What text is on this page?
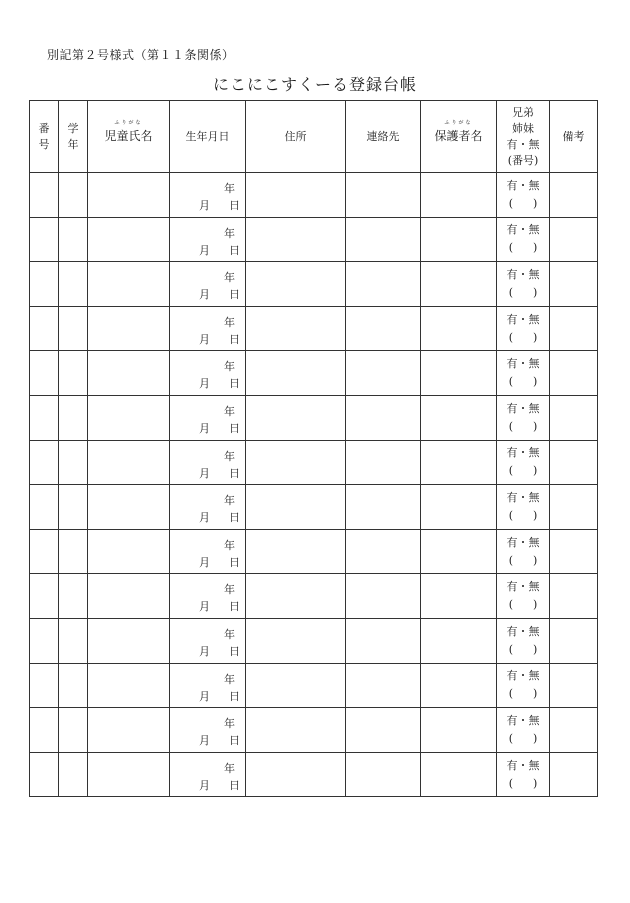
別記第２号様式（第１１条関係）
にこにこすくーる登録台帳
番
号	学
年	ふりがな
児童氏名	生年月日	住所	連絡先	ふりがな
保護者名	兄弟
姉妹
有・無
(番号)	備考

			年
月 日				有・無
( )	

			年
月 日				有・無
( )	

			年
月 日				有・無
( )	

			年
月 日				有・無
( )	

			年
月 日				有・無
( )	

			年
月 日				有・無
( )	

			年
月 日				有・無
( )	

			年
月 日				有・無
( )	

			年
月 日				有・無
( )	

			年
月 日				有・無
( )	

			年
月 日				有・無
( )	

			年
月 日				有・無
( )	

			年
月 日				有・無
( )	

			年
月 日				有・無
( )	
